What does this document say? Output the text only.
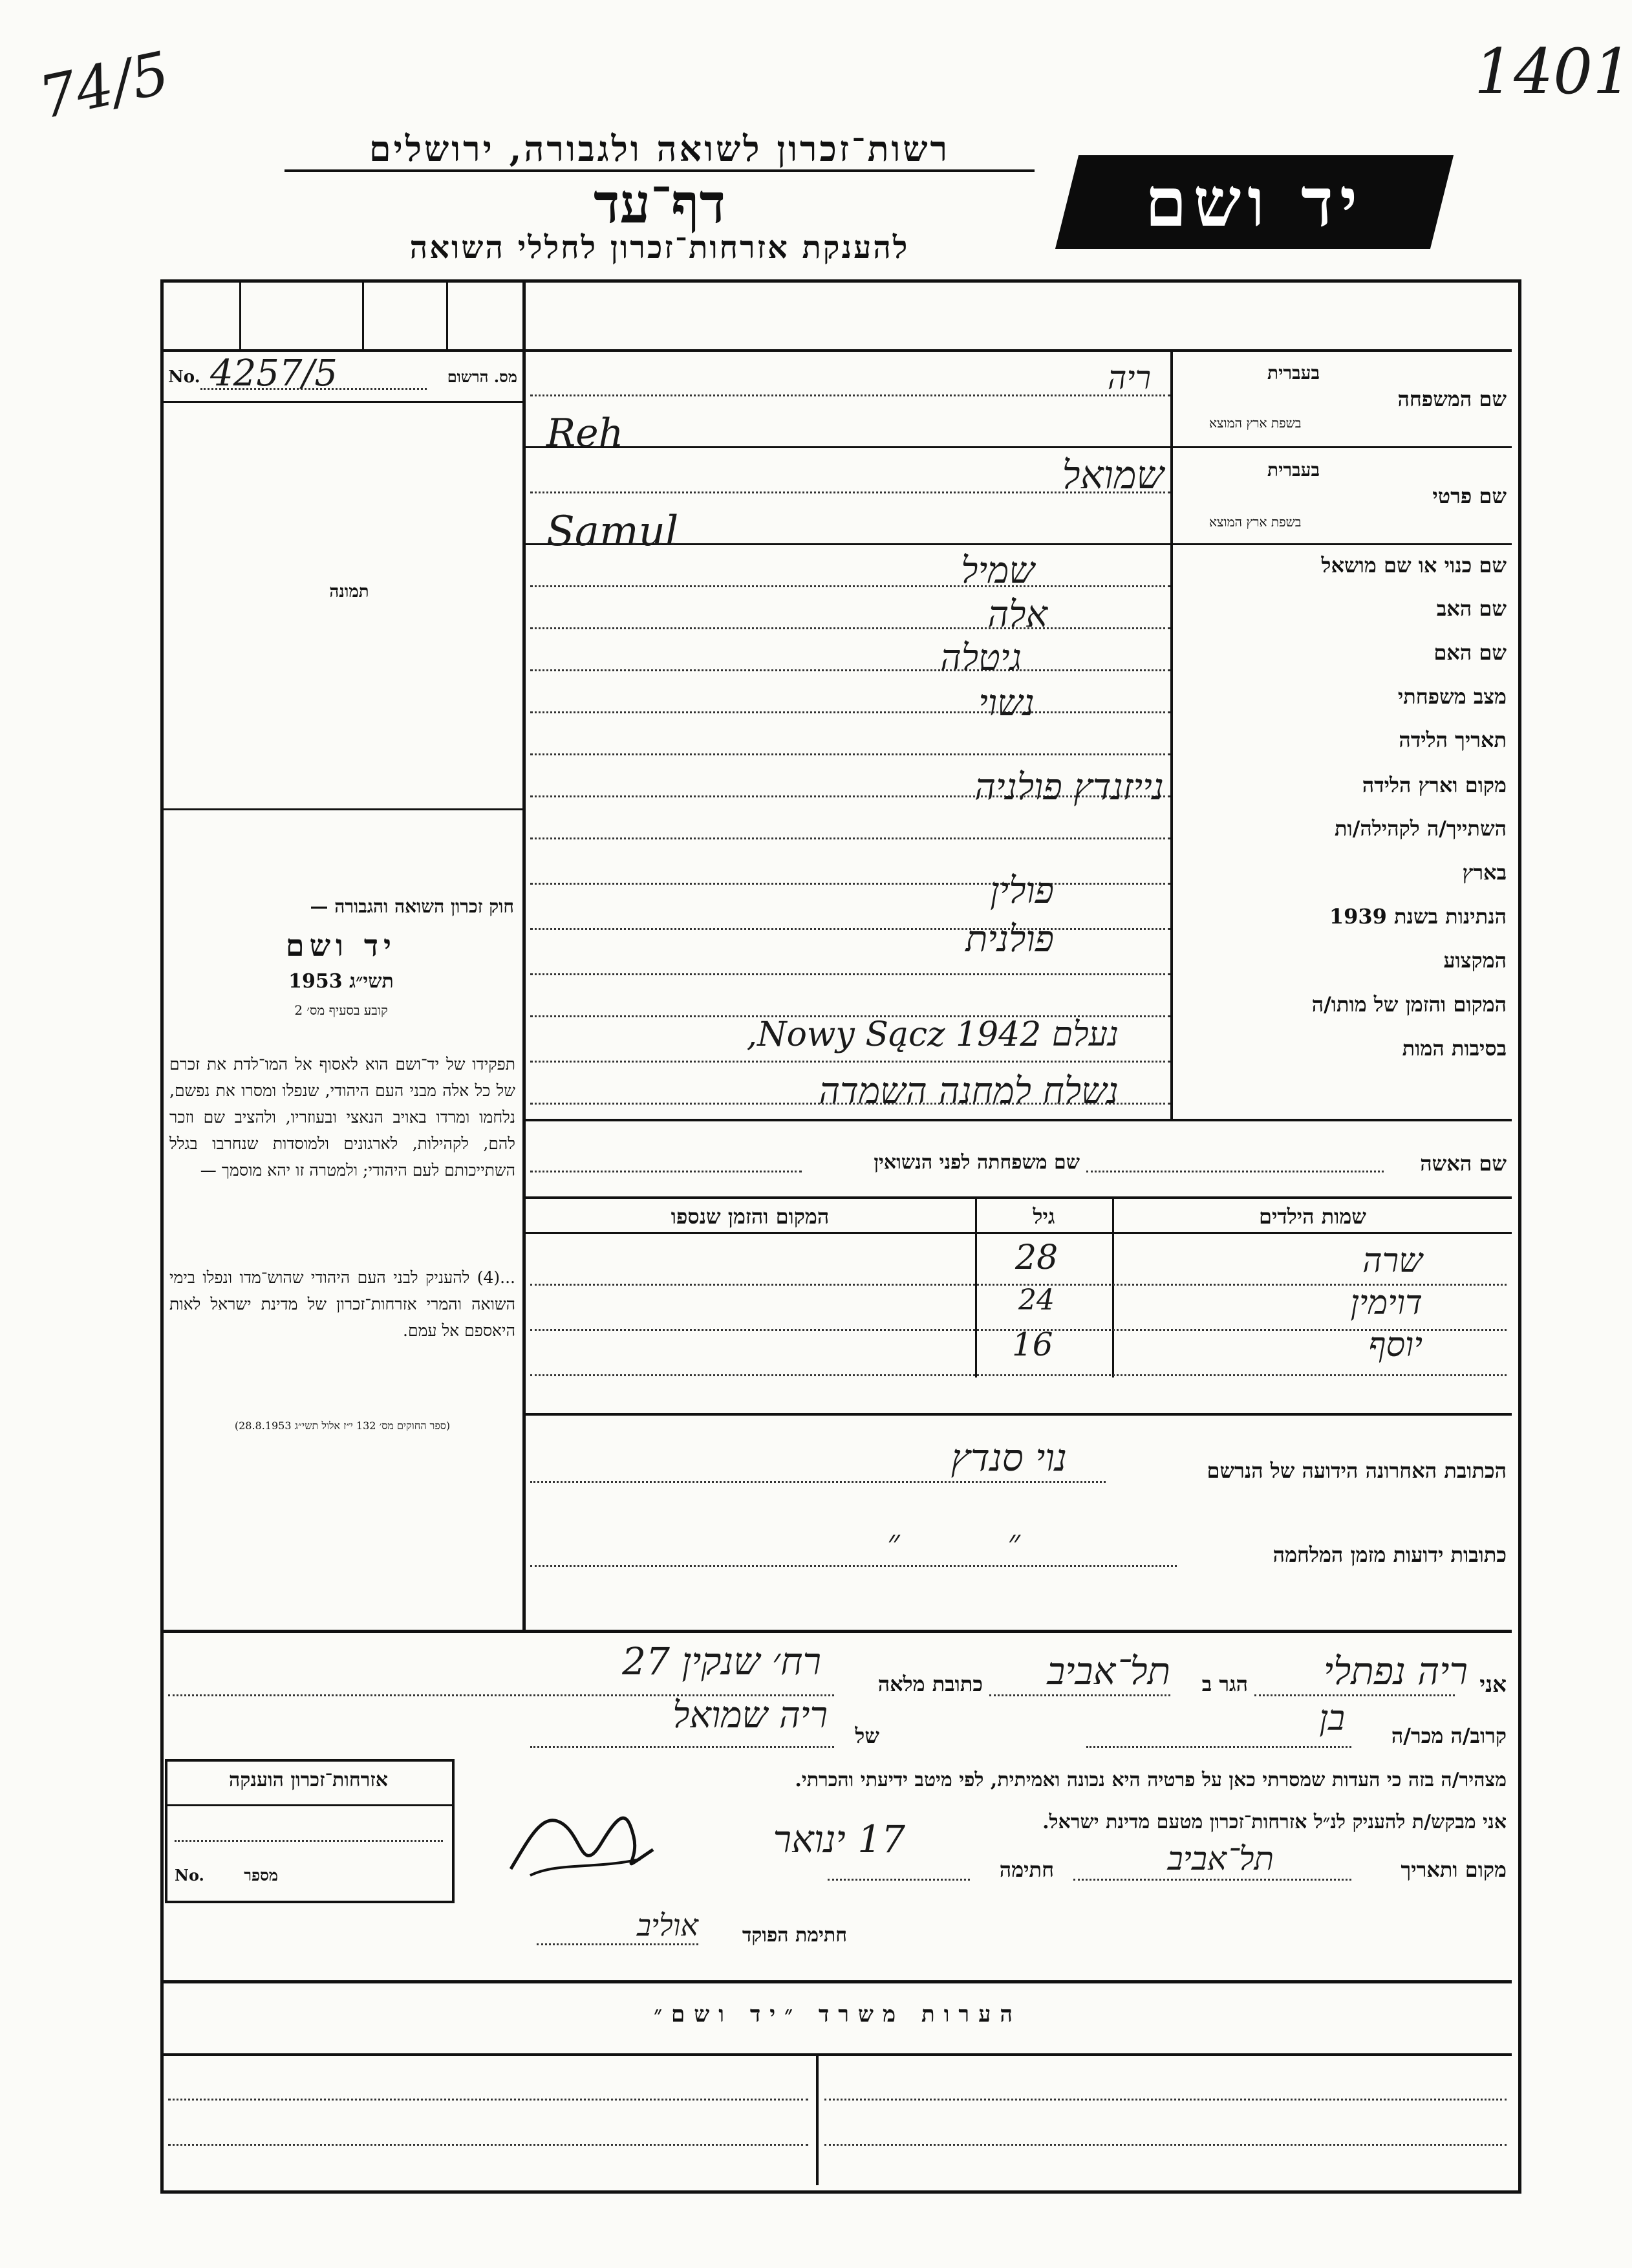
74/5	1401
רשות־זכרון לשואה ולגבורה, ירושלים
דף־עד
להענקת אזרחות־זכרון לחללי השואה
יד ושם
מס. הרשום
No. 4257/5
תמונה
חוק זכרון השואה והגבורה —
יד ושם
תשי״ג 1953
קובע בסעיף מס׳ 2
תפקידו של יד־ושם הוא לאסוף אל המו־לדת את זכרם של כל אלה מבני העם היהודי, שנפלו ומסרו את נפשם, נלחמו ומרדו באויב הנאצי ובעוזריו, ולהציב שם וזכר להם, לקהילות, לארגונים ולמוסדות שנחרבו בגלל השתייכותם לעם היהודי; ולמטרה זו יהא מוסמך —
...(4) להעניק לבני העם היהודי שהוש־מדו ונפלו בימי השואה והמרי אזרחות־זכרון של מדינת ישראל לאות היאספם אל עמם.
(ספר החוקים מס׳ 132 י״ז אלול תשי״ג 28.8.1953)
בעברית
שם המשפחה
בשפת ארץ המוצא
ריה
Reh
בעברית
שם פרטי
בשפת ארץ המוצא
שמואל
Samul
שם כנוי או שם מושאל
שם האב
שם האם
מצב משפחתי
תאריך הלידה
מקום וארץ הלידה
השתייך/ה לקהילה/ות
בארץ
הנתינות בשנת 1939
המקצוע
המקום והזמן של מותו/ה
בסיבות המות
שמיל
אלה
גיטלה
נשוי
נייזנדץ פולניה
פולין
פולנית
נעלם 1942 Nowy Sącz,
נשלח למחנה השמדה
שם האשה
שם משפחתה לפני הנשואין
שמות הילדים
גיל
המקום והזמן שנספו
שרה
28
דוימין
24
יוסף
16
הכתובת האחרונה הידועה של הנרשם
נוי סנדץ
כתובות ידועות מזמן המלחמה
״ ״
אני
ריה נפתלי
הגר ב
תל־אביב
כתובת מלאה
רח׳ שנקין 27
קרוב/ה מכר/ה
בן
של
ריה שמואל
מצהיר/ה בזה כי העדות שמסרתי כאן על פרטיה היא נכונה ואמיתית, לפי מיטב ידיעתי והכרתי.
אני מבקש/ת להעניק לנ״ל אזרחות־זכרון מטעם מדינת ישראל.
מקום ותאריך
תל־אביב
חתימה
17 ינואר
חתימת הפוקד
אוליב
אזרחות־זכרון הוענקה
No.	מספר
הערות משרד ״יד ושם״
